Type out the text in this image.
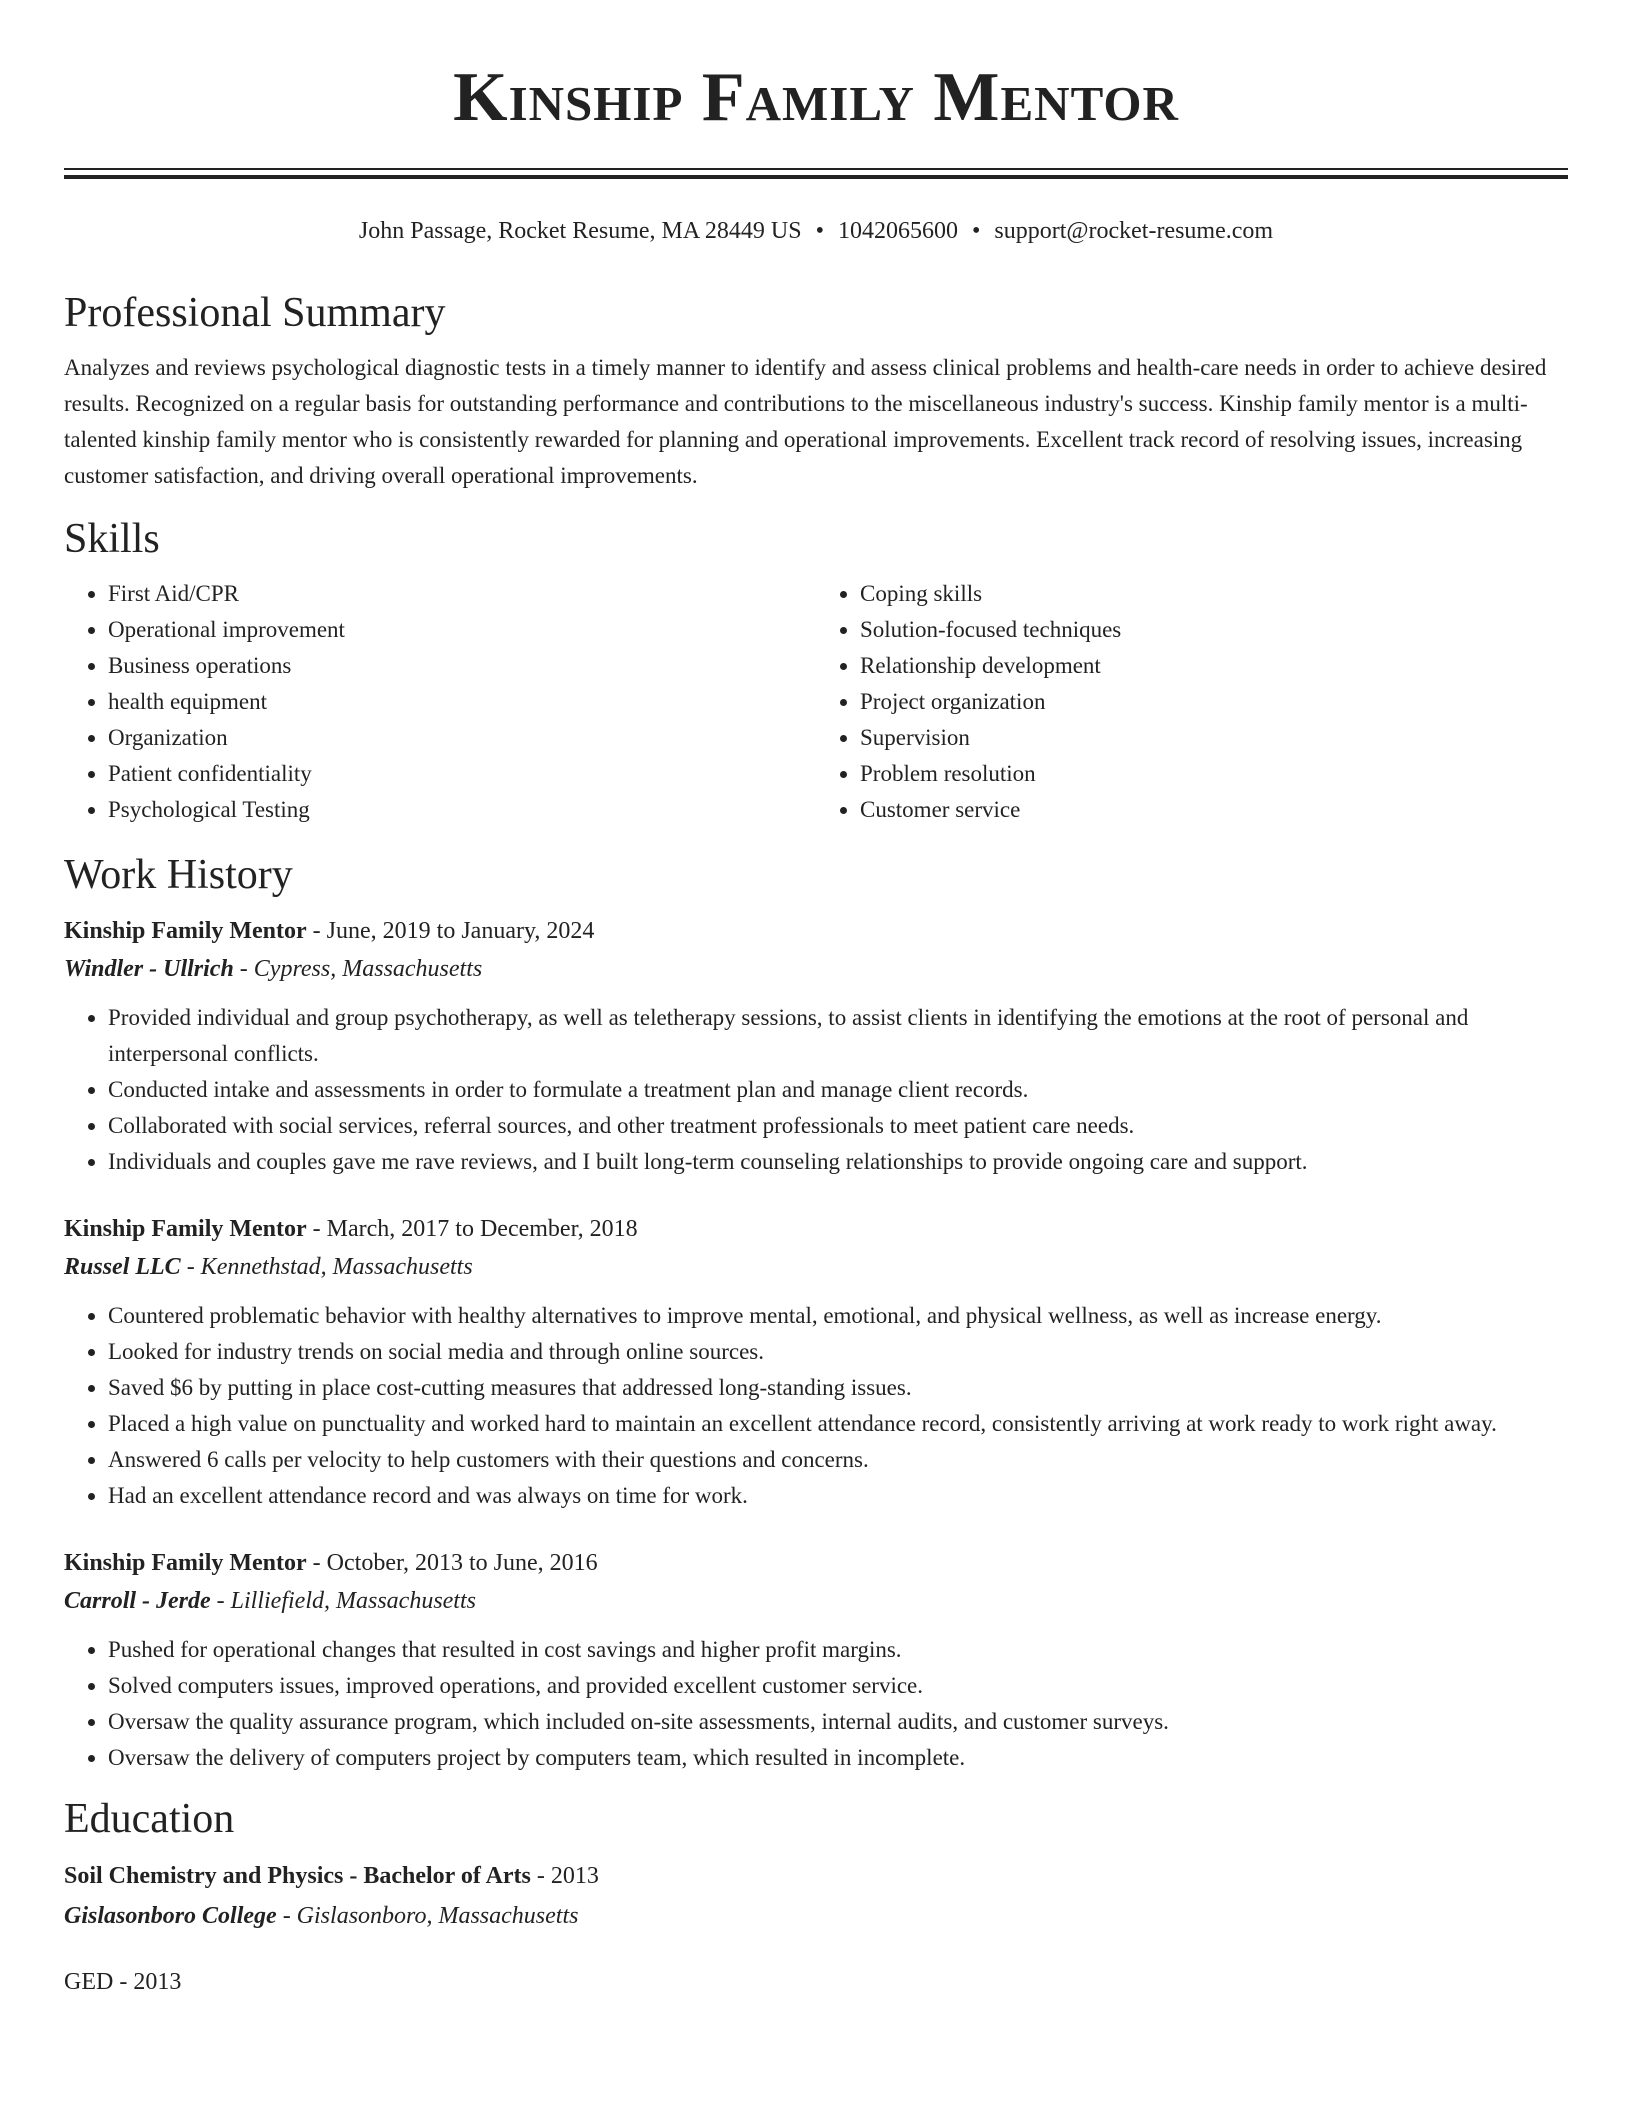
Kinship Family Mentor
John Passage, Rocket Resume, MA 28449 US • 1042065600 • support@rocket-resume.com
Professional Summary

Analyzes and reviews psychological diagnostic tests in a timely manner to identify and assess clinical problems and health-care needs in order to achieve desired results. Recognized on a regular basis for outstanding performance and contributions to the miscellaneous industry's success. Kinship family mentor is a multi-talented kinship family mentor who is consistently rewarded for planning and operational improvements. Excellent track record of resolving issues, increasing customer satisfaction, and driving overall operational improvements.

Skills
• First Aid/CPR
• Operational improvement
• Business operations
• health equipment
• Organization
• Patient confidentiality
• Psychological Testing
• Coping skills
• Solution-focused techniques
• Relationship development
• Project organization
• Supervision
• Problem resolution
• Customer service
Work History
Kinship Family Mentor - June, 2019 to January, 2024
Windler - Ullrich - Cypress, Massachusetts
• Provided individual and group psychotherapy, as well as teletherapy sessions, to assist clients in identifying the emotions at the root of personal and interpersonal conflicts.
• Conducted intake and assessments in order to formulate a treatment plan and manage client records.
• Collaborated with social services, referral sources, and other treatment professionals to meet patient care needs.
• Individuals and couples gave me rave reviews, and I built long-term counseling relationships to provide ongoing care and support.
Kinship Family Mentor - March, 2017 to December, 2018
Russel LLC - Kennethstad, Massachusetts
• Countered problematic behavior with healthy alternatives to improve mental, emotional, and physical wellness, as well as increase energy.
• Looked for industry trends on social media and through online sources.
• Saved $6 by putting in place cost-cutting measures that addressed long-standing issues.
• Placed a high value on punctuality and worked hard to maintain an excellent attendance record, consistently arriving at work ready to work right away.
• Answered 6 calls per velocity to help customers with their questions and concerns.
• Had an excellent attendance record and was always on time for work.
Kinship Family Mentor - October, 2013 to June, 2016
Carroll - Jerde - Lilliefield, Massachusetts
• Pushed for operational changes that resulted in cost savings and higher profit margins.
• Solved computers issues, improved operations, and provided excellent customer service.
• Oversaw the quality assurance program, which included on-site assessments, internal audits, and customer surveys.
• Oversaw the delivery of computers project by computers team, which resulted in incomplete.
Education
Soil Chemistry and Physics - Bachelor of Arts - 2013
Gislasonboro College - Gislasonboro, Massachusetts
GED - 2013
